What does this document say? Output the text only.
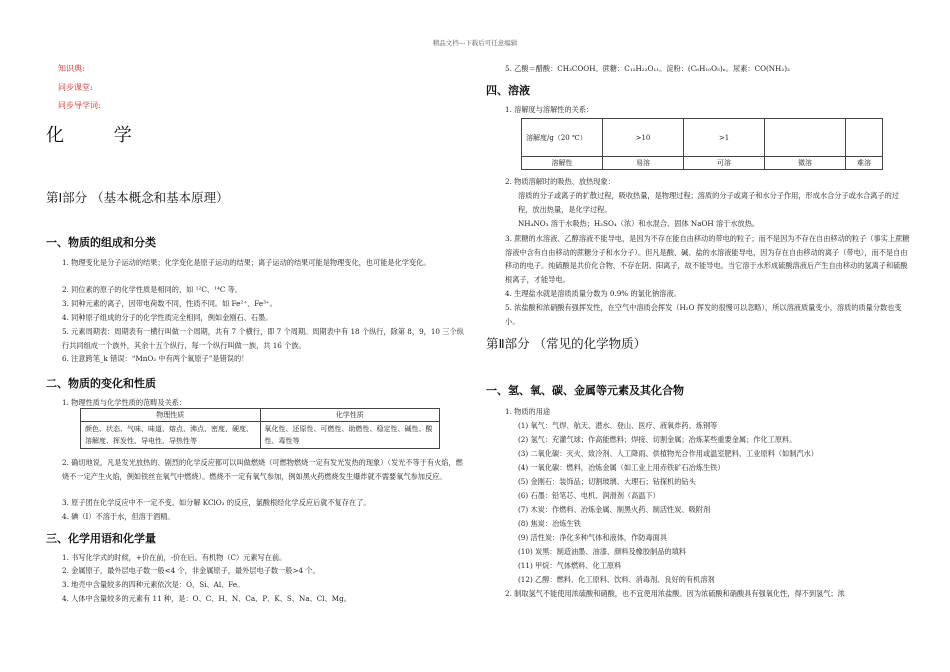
精品文档---下载后可任意编辑
知识典:
同步课堂:
同步导学词:
化 学
第Ⅰ部分 （基本概念和基本原理）
一、物质的组成和分类
1. 物理变化是分子运动的结果；化学变化是原子运动的结果；离子运动的结果可能是物理变化，也可能是化学变化。
2. 同位素的原子的化学性质是相同的，如 ¹²C、¹⁴C 等。
3. 同种元素的离子，因带电荷数不同，性质不同。如 Fe²⁺、Fe³⁺。
4. 同种原子组成的分子的化学性质完全相同，例如金刚石、石墨。
5. 元素周期表：周期表有一横行叫做一个周期，共有 7 个横行，即 7 个周期。周期表中有 18 个纵行，除第 8，9，10 三个纵行共同组成一个族外，其余十五个纵行，每一个纵行叫做一族，共 16 个族。
6. 注意跨笔_k 错误：“MnO₂ 中有两个氧原子”是错误的！
二、物质的变化和性质
1. 物理性质与化学性质的范畴及关系：
物理性质	化学性质
颜色、状态、气味、味道、熔点、沸点、密度、硬度、溶解度、挥发性、导电性、导热性等	氧化性、还原性、可燃性、助燃性、稳定性、碱性、酸性、毒性等
2. 确切地说，凡是发光放热的、剧烈的化学反应都可以叫做燃烧（可燃物燃烧一定有发光发热的现象）（发光不等于有火焰，燃烧不一定产生火焰，例如铁丝在氧气中燃烧）。燃烧不一定有氧气参加，例如黑火药燃烧发生爆炸就不需要氧气参加反应。
3. 原子团在化学反应中不一定不变。如分解 KClO₃ 的反应，氯酸根经化学反应后就不复存在了。
4. 碘（I）不溶于水，但溶于酒精。
三、化学用语和化学量
1. 书写化学式的时候，+价在前，-价在后。有机物（C）元素写在前。
2. 金属原子，最外层电子数一般<4 个，非金属原子，最外层电子数一般>4 个。
3. 地壳中含量较多的四种元素依次是：O、Si、Al、Fe。
4. 人体中含量较多的元素有 11 种，是：O、C、H、N、Ca、P、K、S、Na、Cl、Mg。
5. 乙酸＝醋酸：CH₃COOH。蔗糖：C₁₂H₂₂O₁₁。淀粉：(C₆H₁₀O₅)ₙ。尿素：CO(NH₂)₂
四、溶液
1. 溶解度与溶解性的关系：
溶解度/g（20 ℃）	>10	>1		
溶解性	易溶	可溶	微溶	难溶
2. 物质溶解时的吸热、放热现象：
溶质的分子或离子的扩散过程，吸收热量，是物理过程；溶质的分子或离子和水分子作用，形成水合分子或水合离子的过程，放出热量，是化学过程。
NH₄NO₃ 溶于水吸热；H₂SO₄（浓）和水混合、固体 NaOH 溶于水放热。
3. 蔗糖的水溶液、乙醇溶液不能导电，是因为不存在能自由移动的带电的粒子；而不是因为不存在自由移动的粒子（事实上蔗糖溶液中含有自由移动的蔗糖分子和水分子）。但凡是酸、碱、盐的水溶液能导电，因为存在自由移动的离子（带电），而不是自由移动的电子。纯硫酸是共价化合物，不存在阴、阳离子，故不能导电。当它溶于水形成硫酸溶液后产生自由移动的氢离子和硫酸根离子，才能导电。
4. 生理盐水就是溶质质量分数为 0.9% 的氯化钠溶液。
5. 浓盐酸和浓硝酸有强挥发性，在空气中溶质会挥发（H₂O 挥发的很慢可以忽略），所以溶液质量变小，溶质的质量分数也变小。
第Ⅱ部分 （常见的化学物质）
一、氢、氧、碳、金属等元素及其化合物
1. 物质的用途
(1) 氧气：气焊、航天、潜水、登山、医疗、液氧炸药、炼钢等
(2) 氢气：充灌气球；作高能燃料；焊接、切割金属；冶炼某些重要金属；作化工原料。
(3) 二氧化碳：灭火、致冷剂、人工降雨、供植物光合作用或温室肥料、工业原料（如制汽水）
(4) 一氧化碳：燃料，冶炼金属（如工业上用赤铁矿石冶炼生铁）
(5) 金刚石：装饰品；切割玻璃、大理石；钻探机的钻头
(6) 石墨：铅笔芯、电机、润滑剂（高温下）
(7) 木炭：作燃料、冶炼金属、制黑火药、制活性炭、吸附剂
(8) 焦炭：冶炼生铁
(9) 活性炭：净化多种气体和液体，作防毒面具
(10) 炭黑：制造油墨、油漆、颜料及橡胶制品的填料
(11) 甲烷：气体燃料、化工原料
(12) 乙醇：燃料、化工原料、饮料、消毒剂、良好的有机溶剂
2. 制取氢气不能使用浓硫酸和硝酸，也不宜使用浓盐酸。因为浓硫酸和硝酸具有强氧化性，得不到氢气；浓
